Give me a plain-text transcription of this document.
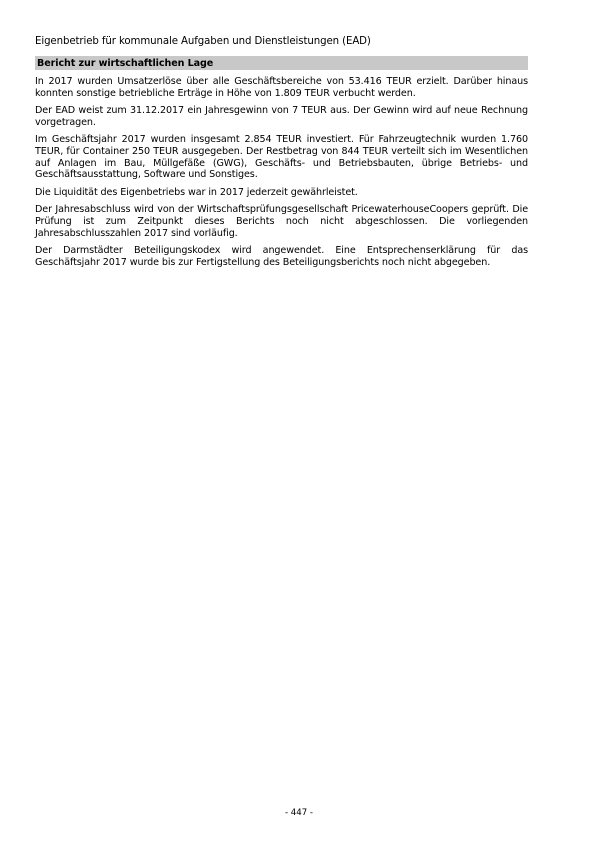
Eigenbetrieb für kommunale Aufgaben und Dienstleistungen (EAD)
Bericht zur wirtschaftlichen Lage

In 2017 wurden Umsatzerlöse über alle Geschäftsbereiche von 53.416 TEUR erzielt. Darüber hinaus konnten sonstige betriebliche Erträge in Höhe von 1.809 TEUR verbucht werden.

Der EAD weist zum 31.12.2017 ein Jahresgewinn von 7 TEUR aus. Der Gewinn wird auf neue Rechnung vorgetragen.

Im Geschäftsjahr 2017 wurden insgesamt 2.854 TEUR investiert. Für Fahrzeugtechnik wurden 1.760 TEUR, für Container 250 TEUR ausgegeben. Der Restbetrag von 844 TEUR verteilt sich im Wesentlichen auf Anlagen im Bau, Müllgefäße (GWG), Geschäfts- und Betriebsbauten, übrige Betriebs- und Geschäftsausstattung, Software und Sonstiges.

Die Liquidität des Eigenbetriebs war in 2017 jederzeit gewährleistet.

Der Jahresabschluss wird von der Wirtschaftsprüfungsgesellschaft PricewaterhouseCoopers geprüft. Die Prüfung ist zum Zeitpunkt dieses Berichts noch nicht abgeschlossen. Die vorliegenden Jahresabschlusszahlen 2017 sind vorläufig.

Der Darmstädter Beteiligungskodex wird angewendet. Eine Entsprechenserklärung für das Geschäftsjahr 2017 wurde bis zur Fertigstellung des Beteiligungsberichts noch nicht abgegeben.

- 447 -
